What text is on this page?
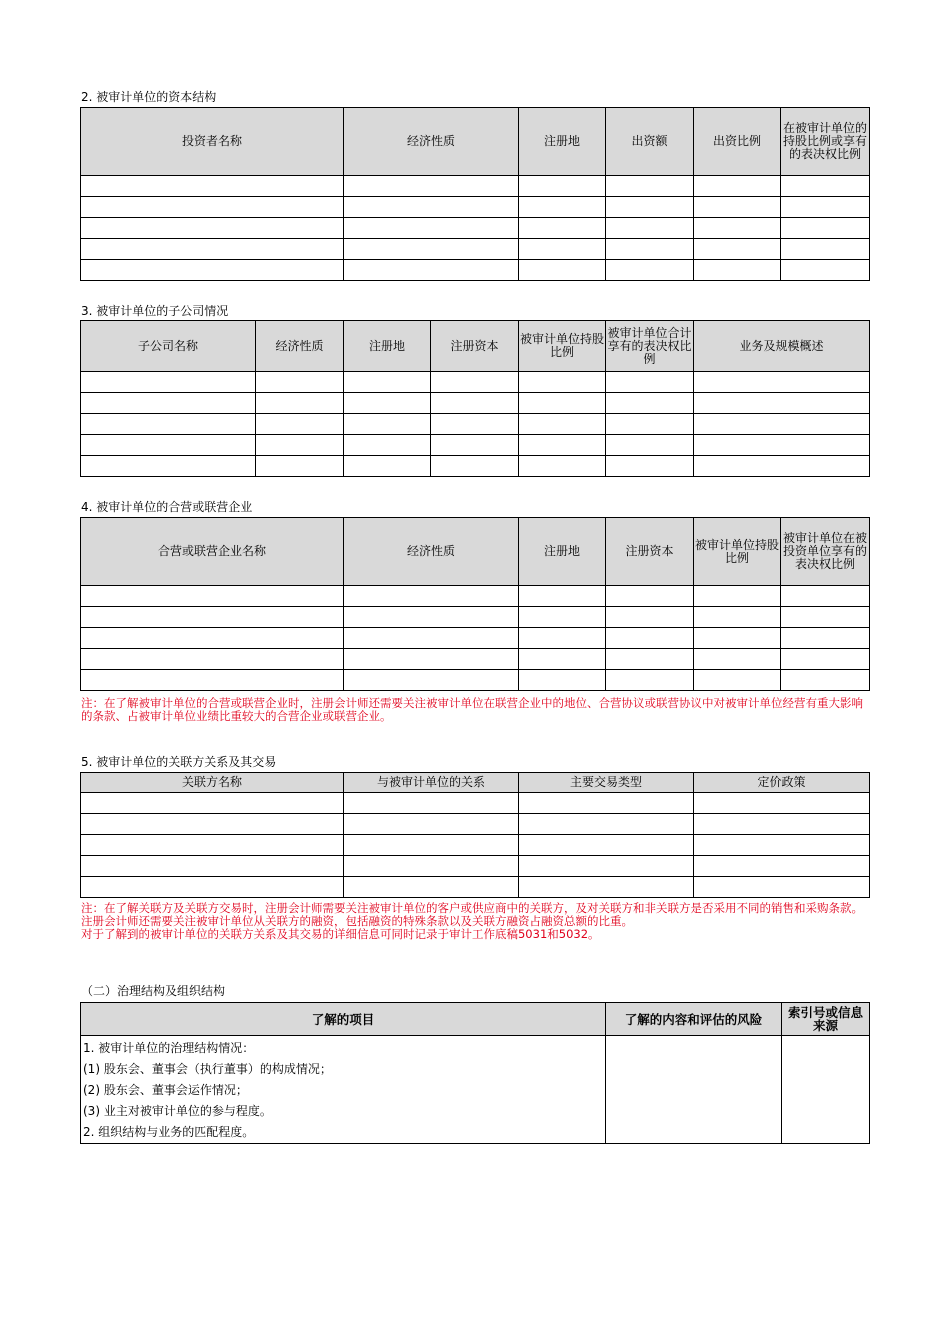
2. 被审计单位的资本结构
投资者名称	经济性质	注册地	出资额	出资比例	在被审计单位的持股比例或享有的表决权比例

3. 被审计单位的子公司情况
子公司名称	经济性质	注册地	注册资本	被审计单位持股比例	被审计单位合计享有的表决权比例	业务及规模概述

4. 被审计单位的合营或联营企业
合营或联营企业名称	经济性质	注册地	注册资本	被审计单位持股比例	被审计单位在被投资单位享有的表决权比例

注：在了解被审计单位的合营或联营企业时，注册会计师还需要关注被审计单位在联营企业中的地位、合营协议或联营协议中对被审计单位经营有重大影响的条款、占被审计单位业绩比重较大的合营企业或联营企业。
5. 被审计单位的关联方关系及其交易
关联方名称	与被审计单位的关系	主要交易类型	定价政策

注：在了解关联方及关联方交易时，注册会计师需要关注被审计单位的客户或供应商中的关联方，及对关联方和非关联方是否采用不同的销售和采购条款。注册会计师还需要关注被审计单位从关联方的融资，包括融资的特殊条款以及关联方融资占融资总额的比重。
对于了解到的被审计单位的关联方关系及其交易的详细信息可同时记录于审计工作底稿5031和5032。
（二）治理结构及组织结构
了解的项目	了解的内容和评估的风险	索引号或信息来源

1. 被审计单位的治理结构情况：
(1) 股东会、董事会（执行董事）的构成情况；
(2) 股东会、董事会运作情况；
(3) 业主对被审计单位的参与程度。
2. 组织结构与业务的匹配程度。		
